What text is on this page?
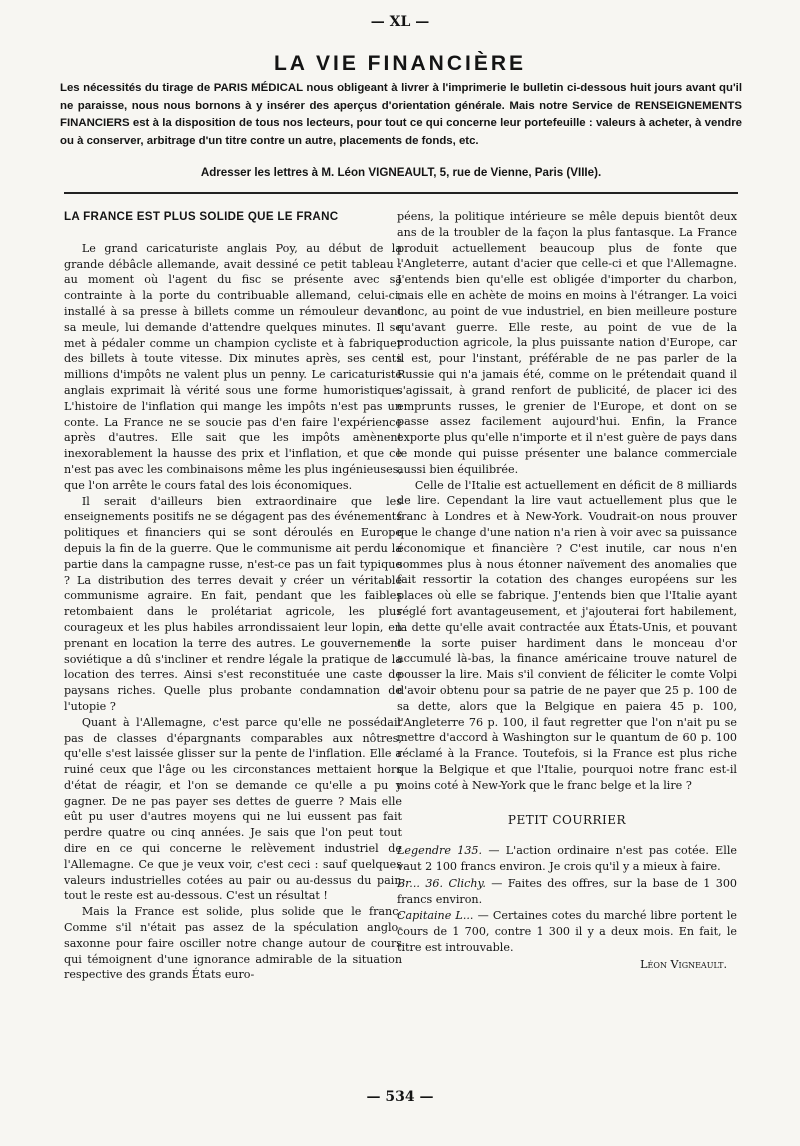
— XL —
LA VIE FINANCIÈRE

Les nécessités du tirage de PARIS MÉDICAL nous obligeant à livrer à l'imprimerie le bulletin ci-dessous huit jours avant qu'il ne paraisse, nous nous bornons à y insérer des aperçus d'orientation générale. Mais notre Service de RENSEIGNEMENTS FINANCIERS est à la disposition de tous nos lecteurs, pour tout ce qui concerne leur portefeuille : valeurs à acheter, à vendre ou à conserver, arbitrage d'un titre contre un autre, placements de fonds, etc.

Adresser les lettres à M. Léon VIGNEAULT, 5, rue de Vienne, Paris (VIIIe).
LA FRANCE EST PLUS SOLIDE QUE LE FRANC

Le grand caricaturiste anglais Poy, au début de la grande débâcle allemande, avait dessiné ce petit tableau : au moment où l'agent du fisc se présente avec sa contrainte à la porte du contribuable allemand, celui-ci, installé à sa presse à billets comme un rémouleur devant sa meule, lui demande d'attendre quelques minutes. Il se met à pédaler comme un champion cycliste et à fabriquer des billets à toute vitesse. Dix minutes après, ses cents millions d'impôts ne valent plus un penny. Le caricaturiste anglais exprimait là vérité sous une forme humoristique. L'histoire de l'inflation qui mange les impôts n'est pas un conte. La France ne se soucie pas d'en faire l'expérience après d'autres. Elle sait que les impôts amènent inexorablement la hausse des prix et l'inflation, et que ce n'est pas avec les combinaisons même les plus ingénieuses, que l'on arrête le cours fatal des lois économiques.

Il serait d'ailleurs bien extraordinaire que les enseignements positifs ne se dégagent pas des événements politiques et financiers qui se sont déroulés en Europe depuis la fin de la guerre. Que le communisme ait perdu la partie dans la campagne russe, n'est-ce pas un fait typique ? La distribution des terres devait y créer un véritable communisme agraire. En fait, pendant que les faibles retombaient dans le prolétariat agricole, les plus courageux et les plus habiles arrondissaient leur lopin, en prenant en location la terre des autres. Le gouvernement soviétique a dû s'incliner et rendre légale la pratique de la location des terres. Ainsi s'est reconstituée une caste de paysans riches. Quelle plus probante condamnation de l'utopie ?

Quant à l'Allemagne, c'est parce qu'elle ne possédait pas de classes d'épargnants comparables aux nôtres, qu'elle s'est laissée glisser sur la pente de l'inflation. Elle a ruiné ceux que l'âge ou les circonstances mettaient hors d'état de réagir, et l'on se demande ce qu'elle a pu y gagner. De ne pas payer ses dettes de guerre ? Mais elle eût pu user d'autres moyens qui ne lui eussent pas fait perdre quatre ou cinq années. Je sais que l'on peut tout dire en ce qui concerne le relèvement industriel de l'Allemagne. Ce que je veux voir, c'est ceci : sauf quelques valeurs industrielles cotées au pair ou au-dessus du pair, tout le reste est au-dessous. C'est un résultat !

Mais la France est solide, plus solide que le franc. Comme s'il n'était pas assez de la spéculation anglo-saxonne pour faire osciller notre change autour de cours qui témoignent d'une ignorance admirable de la situation respective des grands États euro-

péens, la politique intérieure se mêle depuis bientôt deux ans de la troubler de la façon la plus fantasque. La France produit actuellement beaucoup plus de fonte que l'Angleterre, autant d'acier que celle-ci et que l'Allemagne. J'entends bien qu'elle est obligée d'importer du charbon, mais elle en achète de moins en moins à l'étranger. La voici donc, au point de vue industriel, en bien meilleure posture qu'avant guerre. Elle reste, au point de vue de la production agricole, la plus puissante nation d'Europe, car il est, pour l'instant, préférable de ne pas parler de la Russie qui n'a jamais été, comme on le prétendait quand il s'agissait, à grand renfort de publicité, de placer ici des emprunts russes, le grenier de l'Europe, et dont on se passe assez facilement aujourd'hui. Enfin, la France exporte plus qu'elle n'importe et il n'est guère de pays dans le monde qui puisse présenter une balance commerciale aussi bien équilibrée.

Celle de l'Italie est actuellement en déficit de 8 milliards de lire. Cependant la lire vaut actuellement plus que le franc à Londres et à New-York. Voudrait-on nous prouver que le change d'une nation n'a rien à voir avec sa puissance économique et financière ? C'est inutile, car nous n'en sommes plus à nous étonner naïvement des anomalies que fait ressortir la cotation des changes européens sur les places où elle se fabrique. J'entends bien que l'Italie ayant réglé fort avantageusement, et j'ajouterai fort habilement, la dette qu'elle avait contractée aux États-Unis, et pouvant de la sorte puiser hardiment dans le monceau d'or accumulé là-bas, la finance américaine trouve naturel de pousser la lire. Mais s'il convient de féliciter le comte Volpi d'avoir obtenu pour sa patrie de ne payer que 25 p. 100 de sa dette, alors que la Belgique en paiera 45 p. 100, l'Angleterre 76 p. 100, il faut regretter que l'on n'ait pu se mettre d'accord à Washington sur le quantum de 60 p. 100 réclamé à la France. Toutefois, si la France est plus riche que la Belgique et que l'Italie, pourquoi notre franc est-il moins coté à New-York que le franc belge et la lire ?

PETIT COURRIER

Legendre 135. — L'action ordinaire n'est pas cotée. Elle vaut 2 100 francs environ. Je crois qu'il y a mieux à faire.

Br... 36. Clichy. — Faites des offres, sur la base de 1 300 francs environ.

Capitaine L... — Certaines cotes du marché libre portent le cours de 1 700, contre 1 300 il y a deux mois. En fait, le titre est introuvable.

Léon Vigneault.

— 534 —
